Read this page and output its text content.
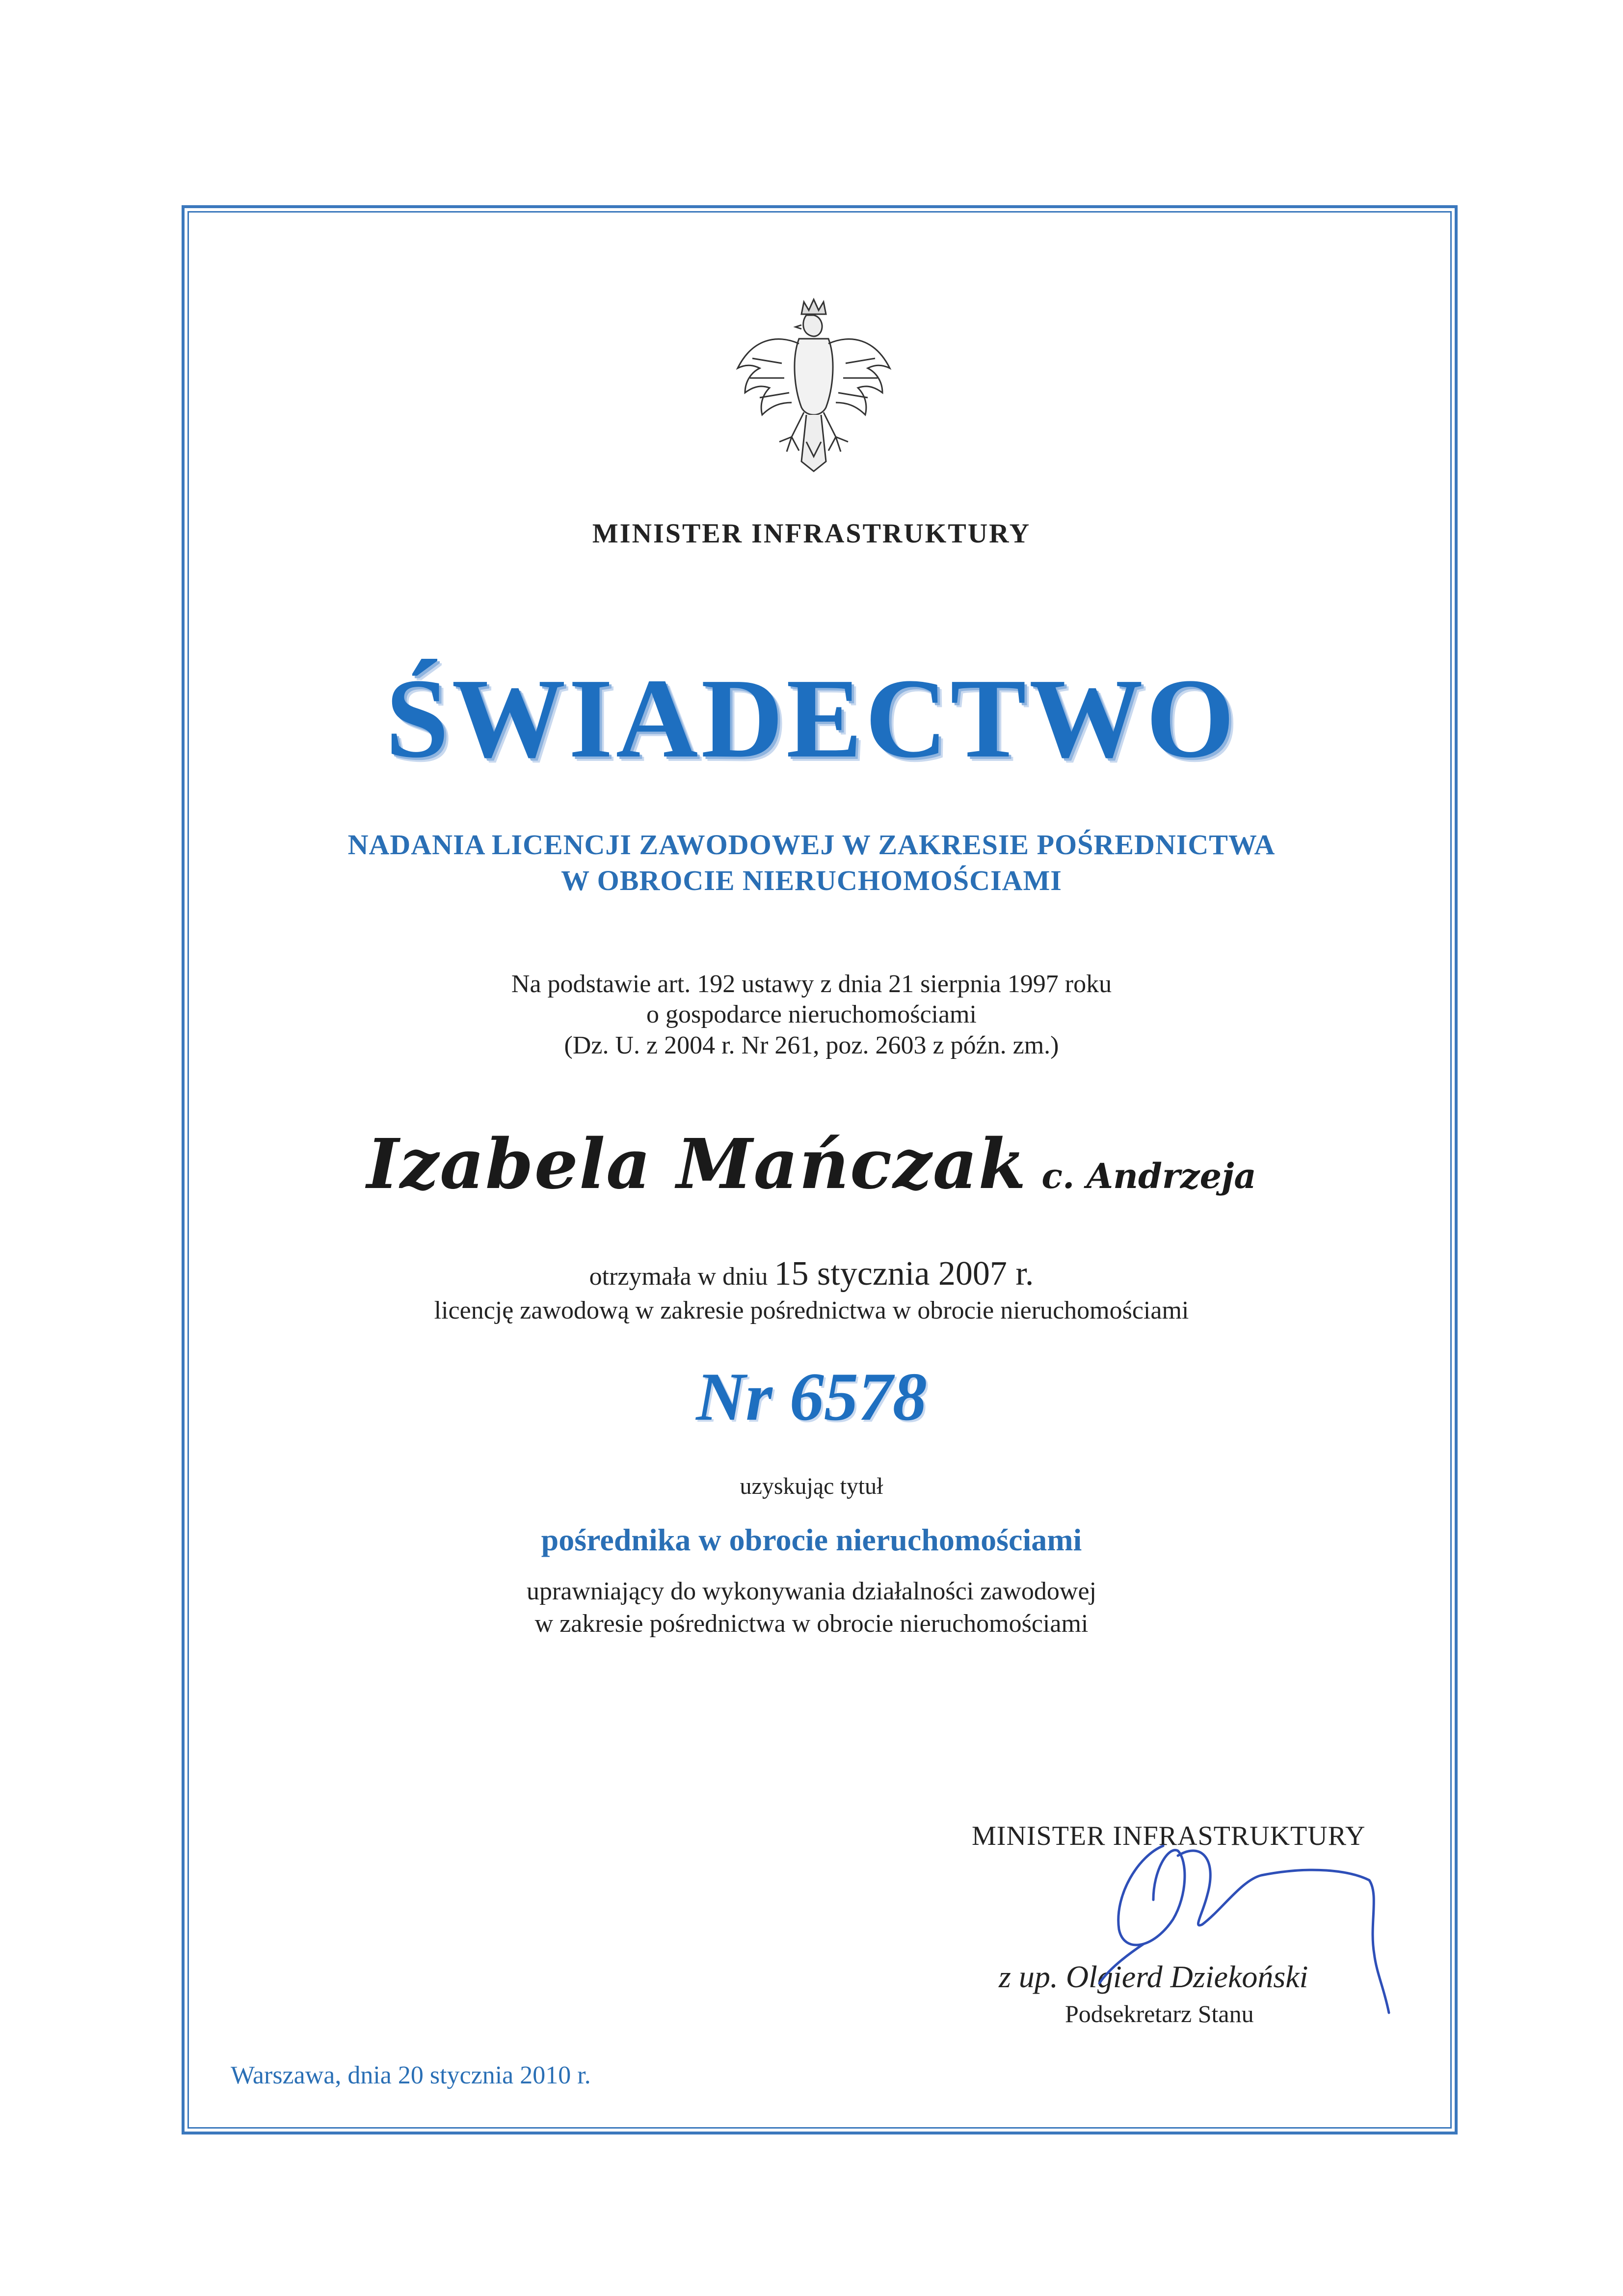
MINISTER INFRASTRUKTURY
ŚWIADECTWO
NADANIA LICENCJI ZAWODOWEJ W ZAKRESIE POŚREDNICTWA
W OBROCIE NIERUCHOMOŚCIAMI
Na podstawie art. 192 ustawy z dnia 21 sierpnia 1997 roku
o gospodarce nieruchomościami
(Dz. U. z 2004 r. Nr 261, poz. 2603 z późn. zm.)
Izabela Mańczak c. Andrzeja
otrzymała w dniu 15 stycznia 2007 r.
licencję zawodową w zakresie pośrednictwa w obrocie nieruchomościami
Nr 6578
uzyskując tytuł
pośrednika w obrocie nieruchomościami
uprawniający do wykonywania działalności zawodowej
w zakresie pośrednictwa w obrocie nieruchomościami
MINISTER INFRASTRUKTURY
z up. Olgierd Dziekoński
Podsekretarz Stanu
Warszawa, dnia 20 stycznia 2010 r.
